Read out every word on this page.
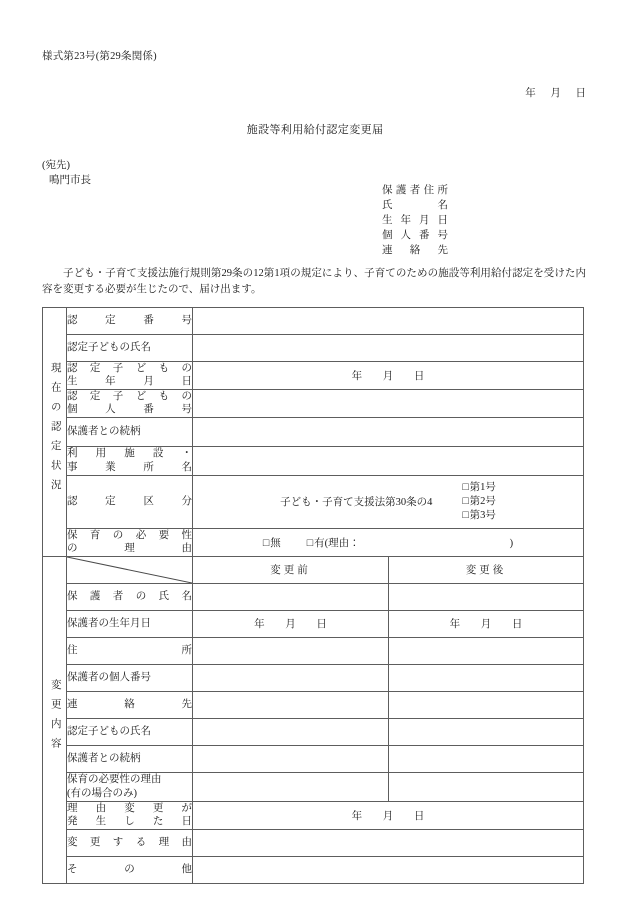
様式第23号(第29条関係)
年 月 日
施設等利用給付認定変更届
(宛先)
鳴門市長
保護者住所
氏名
生年月日
個人番号
連絡先
子ども・子育て支援法施行規則第29条の12第1項の規定により、子育てのための施設等利用給付認定を受けた内容を変更する必要が生じたので、届け出ます。
現在の認定状況	認定番号		

	認定子どもの氏名		

	認定子どもの
生年月日	年 月 日	

	認定子どもの
個人番号		

	保護者との続柄		

	利用施設・
事業所名		

	認定区分	子ども・子育て支援法第30条の4
□第1号
□第2号
□第3号	

	保育の必要性
の理由	□無 □有(理由： )	

変更内容		変更前	変更後

	保護者の氏名		

	保護者の生年月日	年 月 日	年 月 日

	住所		

	保護者の個人番号		

	連絡先		

	認定子どもの氏名		

	保護者との続柄		

	保育の必要性の理由
(有の場合のみ)		

	理由変更が
発生した日	年 月 日	

	変更する理由		

	その他		
